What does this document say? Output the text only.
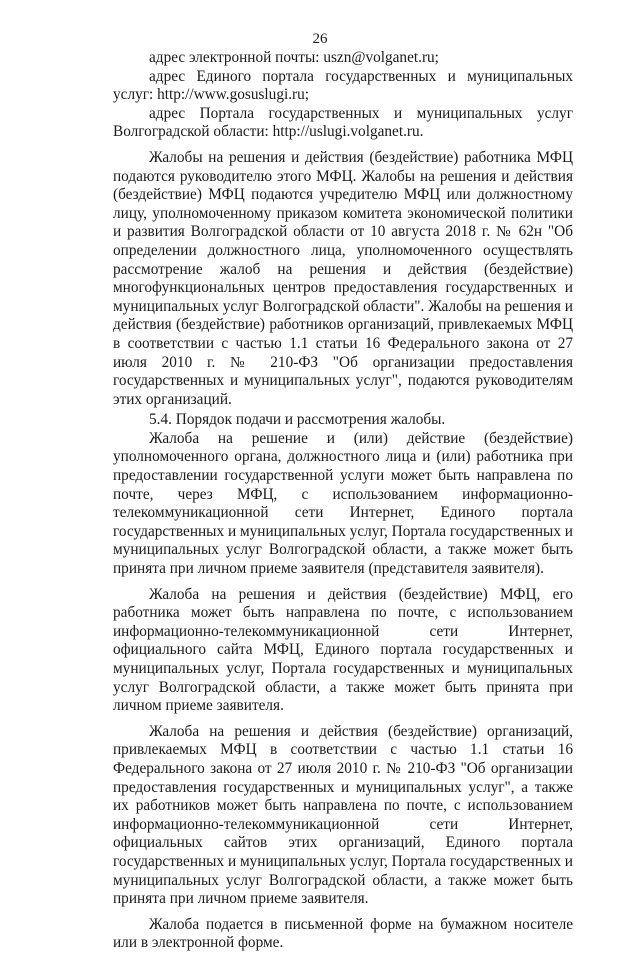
26

адрес электронной почты: uszn@volganet.ru;

адрес Единого портала государственных и муниципальных услуг: http://www.gosuslugi.ru;

адрес Портала государственных и муниципальных услуг Волгоградской области: http://uslugi.volganet.ru.

Жалобы на решения и действия (бездействие) работника МФЦ подаются руководителю этого МФЦ. Жалобы на решения и действия (бездействие) МФЦ подаются учредителю МФЦ или должностному лицу, уполномоченному приказом комитета экономической политики и развития Волгоградской области от 10 августа 2018 г. № 62н "Об определении должностного лица, уполномоченного осуществлять рассмотрение жалоб на решения и действия (бездействие) многофункциональных центров предоставления государственных и муниципальных услуг Волгоградской области". Жалобы на решения и действия (бездействие) работников организаций, привлекаемых МФЦ в соответствии с частью 1.1 статьи 16 Федерального закона от 27 июля 2010 г. № 210-ФЗ "Об организации предоставления государственных и муниципальных услуг", подаются руководителям этих организаций.

5.4. Порядок подачи и рассмотрения жалобы.

Жалоба на решение и (или) действие (бездействие) уполномоченного органа, должностного лица и (или) работника при предоставлении государственной услуги может быть направлена по почте, через МФЦ, с использованием информационно-телекоммуникационной сети Интернет, Единого портала государственных и муниципальных услуг, Портала государственных и муниципальных услуг Волгоградской области, а также может быть принята при личном приеме заявителя (представителя заявителя).

Жалоба на решения и действия (бездействие) МФЦ, его работника может быть направлена по почте, с использованием информационно-телекоммуникационной сети Интернет, официального сайта МФЦ, Единого портала государственных и муниципальных услуг, Портала государственных и муниципальных услуг Волгоградской области, а также может быть принята при личном приеме заявителя.

Жалоба на решения и действия (бездействие) организаций, привлекаемых МФЦ в соответствии с частью 1.1 статьи 16 Федерального закона от 27 июля 2010 г. № 210-ФЗ "Об организации предоставления государственных и муниципальных услуг", а также их работников может быть направлена по почте, с использованием информационно-телекоммуникационной сети Интернет, официальных сайтов этих организаций, Единого портала государственных и муниципальных услуг, Портала государственных и муниципальных услуг Волгоградской области, а также может быть принята при личном приеме заявителя.

Жалоба подается в письменной форме на бумажном носителе или в электронной форме.
